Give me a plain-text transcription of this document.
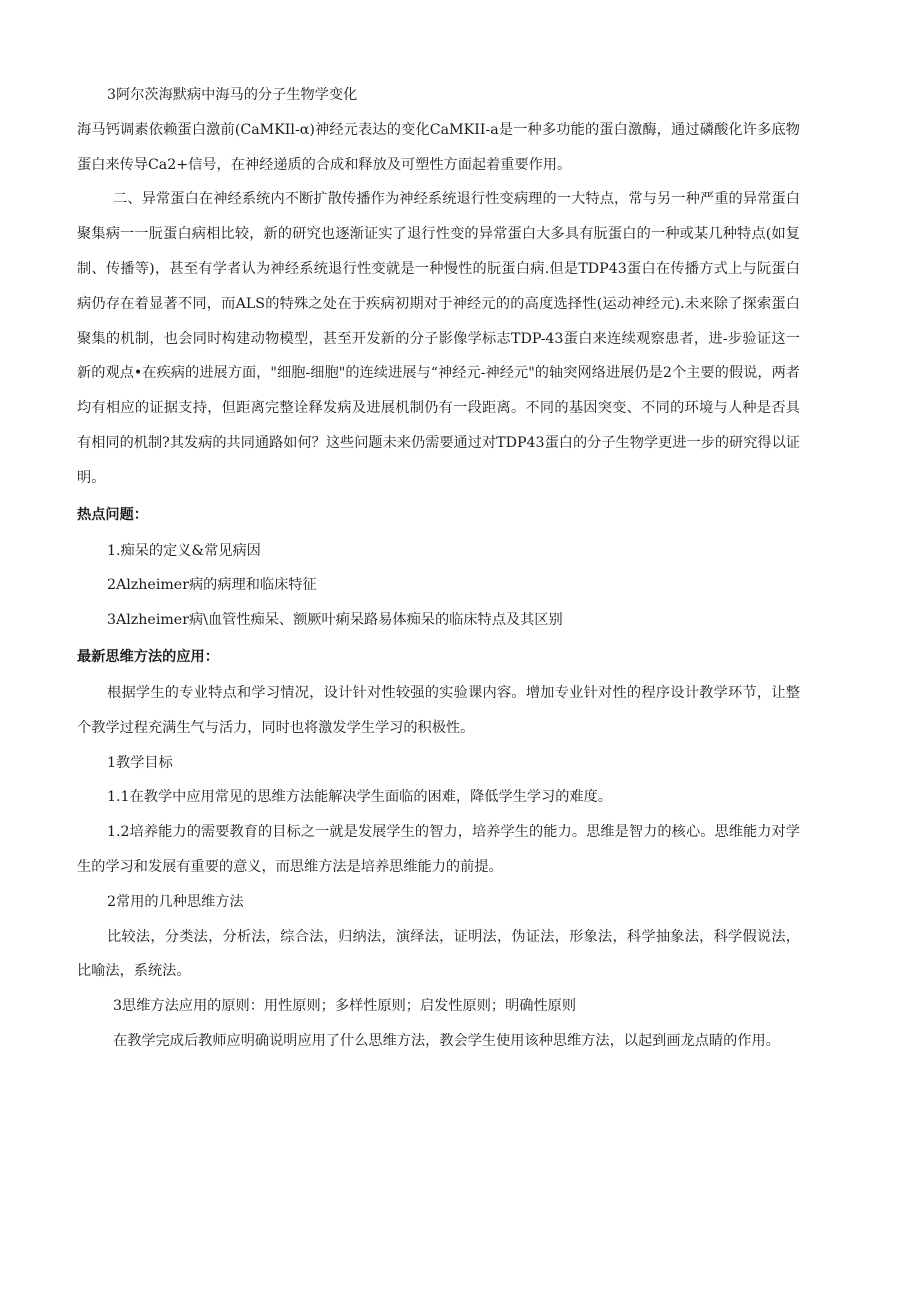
3阿尔茨海默病中海马的分子生物学变化

海马钙调素依赖蛋白激前(CaMKIl-α)神经元表达的变化CaMKII-a是一种多功能的蛋白激酶，通过磷酸化许多底物蛋白来传导Ca2+信号，在神经递质的合成和释放及可塑性方面起着重要作用。

二、异常蛋白在神经系统内不断扩散传播作为神经系统退行性变病理的一大特点，常与另一种严重的异常蛋白聚集病一一朊蛋白病相比较，新的研究也逐渐证实了退行性变的异常蛋白大多具有朊蛋白的一种或某几种特点(如复制、传播等)，甚至有学者认为神经系统退行性变就是一种慢性的朊蛋白病.但是TDP43蛋白在传播方式上与阮蛋白病仍存在着显著不同，而ALS的特殊之处在于疾病初期对于神经元的的高度选择性(运动神经元).未来除了探索蛋白聚集的机制，也会同时构建动物模型，甚至开发新的分子影像学标志TDP-43蛋白来连续观察患者，进-步验证这一新的观点•在疾病的进展方面，"细胞-细胞"的连续进展与“神经元-神经元"的轴突网络进展仍是2个主要的假说，两者均有相应的证据支持，但距离完整诠释发病及进展机制仍有一段距离。不同的基因突变、不同的环境与人种是否具有相同的机制?其发病的共同通路如何？这些问题未来仍需要通过对TDP43蛋白的分子生物学更进一步的研究得以证明。

热点问题：

1.痴呆的定义&常见病因

2Alzheimer病的病理和临床特征

3Alzheimer病\血管性痴呆、额厥叶痢呆路易体痴呆的临床特点及其区别

最新思维方法的应用：

根据学生的专业特点和学习情况，设计针对性较强的实验课内容。增加专业针对性的程序设计教学环节，让整个教学过程充满生气与活力，同时也将激发学生学习的积极性。

1教学目标

1.1在教学中应用常见的思维方法能解决学生面临的困难，降低学生学习的难度。

1.2培养能力的需要教育的目标之一就是发展学生的智力，培养学生的能力。思维是智力的核心。思维能力对学生的学习和发展有重要的意义，而思维方法是培养思维能力的前提。

2常用的几种思维方法

比较法，分类法，分析法，综合法，归纳法，演绎法，证明法，伪证法，形象法，科学抽象法，科学假说法，比喻法，系统法。

3思维方法应用的原则：用性原则；多样性原则；启发性原则；明确性原则

在教学完成后教师应明确说明应用了什么思维方法，教会学生使用该种思维方法，以起到画龙点睛的作用。
